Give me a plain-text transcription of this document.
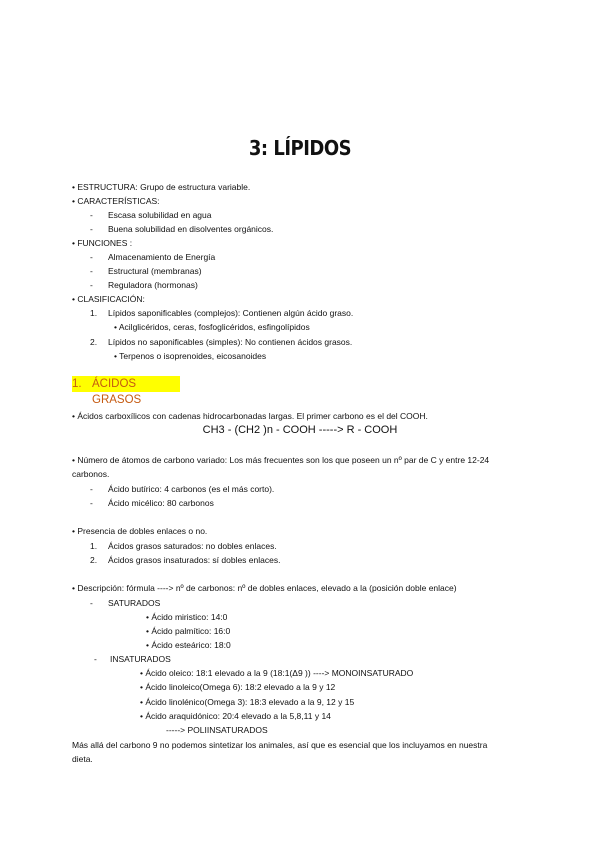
3: LÍPIDOS
• ESTRUCTURA: Grupo de estructura variable.
• CARACTERÍSTICAS:
- Escasa solubilidad en agua
- Buena solubilidad en disolventes orgánicos.
• FUNCIONES :
- Almacenamiento de Energía
- Estructural (membranas)
- Reguladora (hormonas)
• CLASIFICACIÓN:
1. Lípidos saponificables (complejos): Contienen algún ácido graso.
• Acilglicéridos, ceras, fosfoglicéridos, esfingolípidos
2. Lípidos no saponificables (simples): No contienen ácidos grasos.
• Terpenos o isoprenoides, eicosanoides
1. ÁCIDOS GRASOS
• Ácidos carboxílicos con cadenas hidrocarbonadas largas. El primer carbono es el del COOH.
CH3 - (CH2 )n - COOH -----> R - COOH
• Número de átomos de carbono variado: Los más frecuentes son los que poseen un nº par de C y entre 12-24
carbonos.
- Ácido butírico: 4 carbonos (es el más corto).
- Ácido micélico: 80 carbonos
• Presencia de dobles enlaces o no.
1. Ácidos grasos saturados: no dobles enlaces.
2. Ácidos grasos insaturados: sí dobles enlaces.
• Descripción: fórmula ----> nº de carbonos: nº de dobles enlaces, elevado a la (posición doble enlace)
- SATURADOS
• Ácido miristico: 14:0
• Ácido palmítico: 16:0
• Ácido esteárico: 18:0
- INSATURADOS
• Ácido oleico: 18:1 elevado a la 9 (18:1(Δ9 )) ----> MONOINSATURADO
• Ácido linoleico(Omega 6): 18:2 elevado a la 9 y 12
• Ácido linolénico(Omega 3): 18:3 elevado a la 9, 12 y 15
• Ácido araquidónico: 20:4 elevado a la 5,8,11 y 14
-----> POLIINSATURADOS
Más allá del carbono 9 no podemos sintetizar los animales, así que es esencial que los incluyamos en nuestra
dieta.
